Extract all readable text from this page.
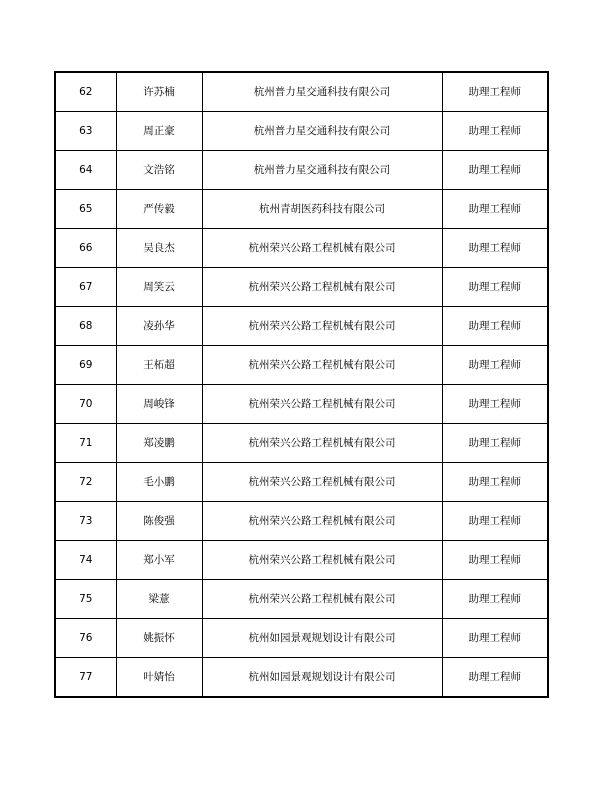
62	许苏楠	杭州普力星交通科技有限公司	助理工程师
63	周正豪	杭州普力星交通科技有限公司	助理工程师
64	文浩铭	杭州普力星交通科技有限公司	助理工程师
65	严传毅	杭州青胡医药科技有限公司	助理工程师
66	吴良杰	杭州荣兴公路工程机械有限公司	助理工程师
67	周笑云	杭州荣兴公路工程机械有限公司	助理工程师
68	凌孙华	杭州荣兴公路工程机械有限公司	助理工程师
69	王柘超	杭州荣兴公路工程机械有限公司	助理工程师
70	周峻锋	杭州荣兴公路工程机械有限公司	助理工程师
71	郑凌鹏	杭州荣兴公路工程机械有限公司	助理工程师
72	毛小鹏	杭州荣兴公路工程机械有限公司	助理工程师
73	陈俊强	杭州荣兴公路工程机械有限公司	助理工程师
74	郑小军	杭州荣兴公路工程机械有限公司	助理工程师
75	梁薏	杭州荣兴公路工程机械有限公司	助理工程师
76	姚振怀	杭州如园景观规划设计有限公司	助理工程师
77	叶婧怡	杭州如园景观规划设计有限公司	助理工程师
